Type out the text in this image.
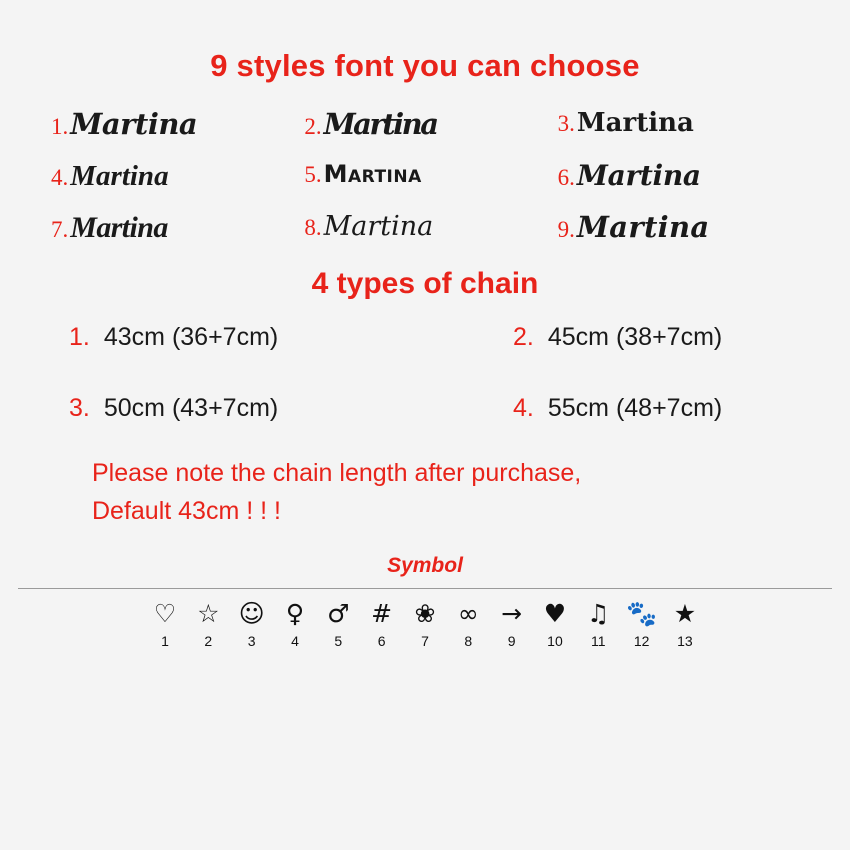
9 styles font you can choose
1. Martina	2. Martina	3. Martina
4. Martina	5. Martina	6. Martina
7. Martina	8. Martina	9. Martina
4 types of chain
1. 43cm (36+7cm)	2. 45cm (38+7cm)
3. 50cm (43+7cm)	4. 55cm (48+7cm)
Please note the chain length after purchase,
Default 43cm ! ! !
Symbol
♡
1
☆
2
☺
3
♀
4
♂
5
#
6
❀
7
∞
8
→
9
♥
10
♫
11
🐾
12
★
13
